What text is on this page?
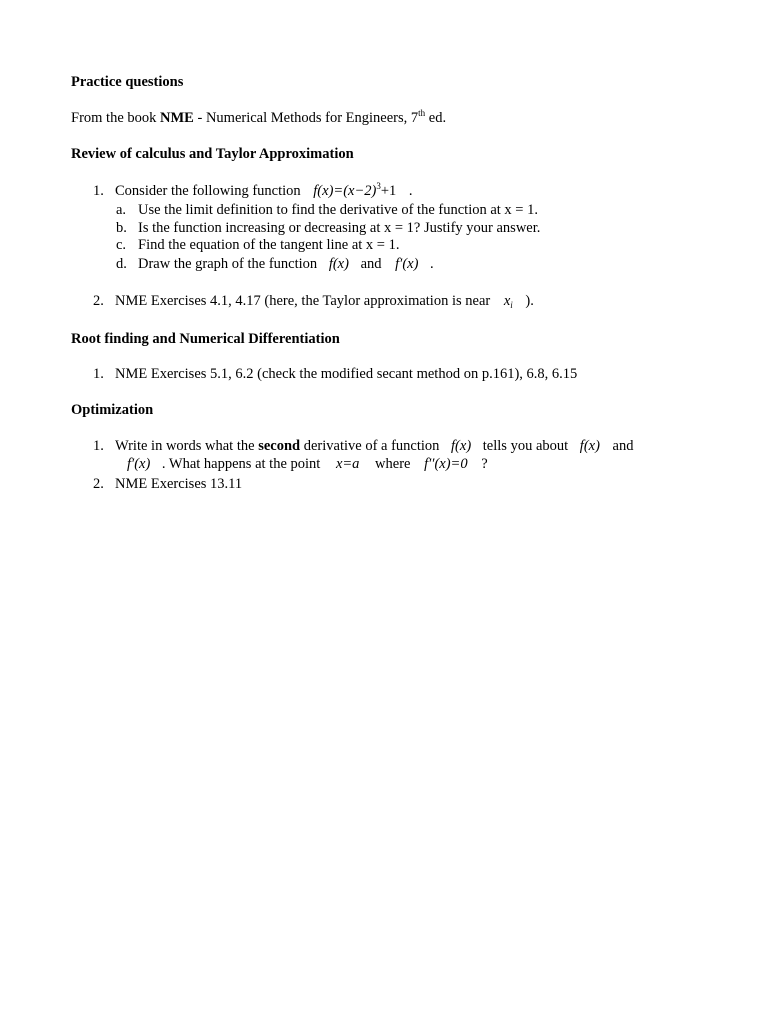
Practice questions
From the book NME - Numerical Methods for Engineers, 7th ed.
Review of calculus and Taylor Approximation
1. Consider the following function $f(x)=(x-2)^3+1$ .
a. Use the limit definition to find the derivative of the function at x = 1.
b. Is the function increasing or decreasing at x = 1? Justify your answer.
c. Find the equation of the tangent line at x = 1.
d. Draw the graph of the function f(x) and f′(x) .
2. NME Exercises 4.1, 4.17 (here, the Taylor approximation is near $x_i$ ).
Root finding and Numerical Differentiation
1. NME Exercises 5.1, 6.2 (check the modified secant method on p.161), 6.8, 6.15
Optimization
1. Write in words what the second derivative of a function f(x) tells you about f(x) and
f′(x) . What happens at the point x=a where f′′(x)=0 ?
2. NME Exercises 13.11
